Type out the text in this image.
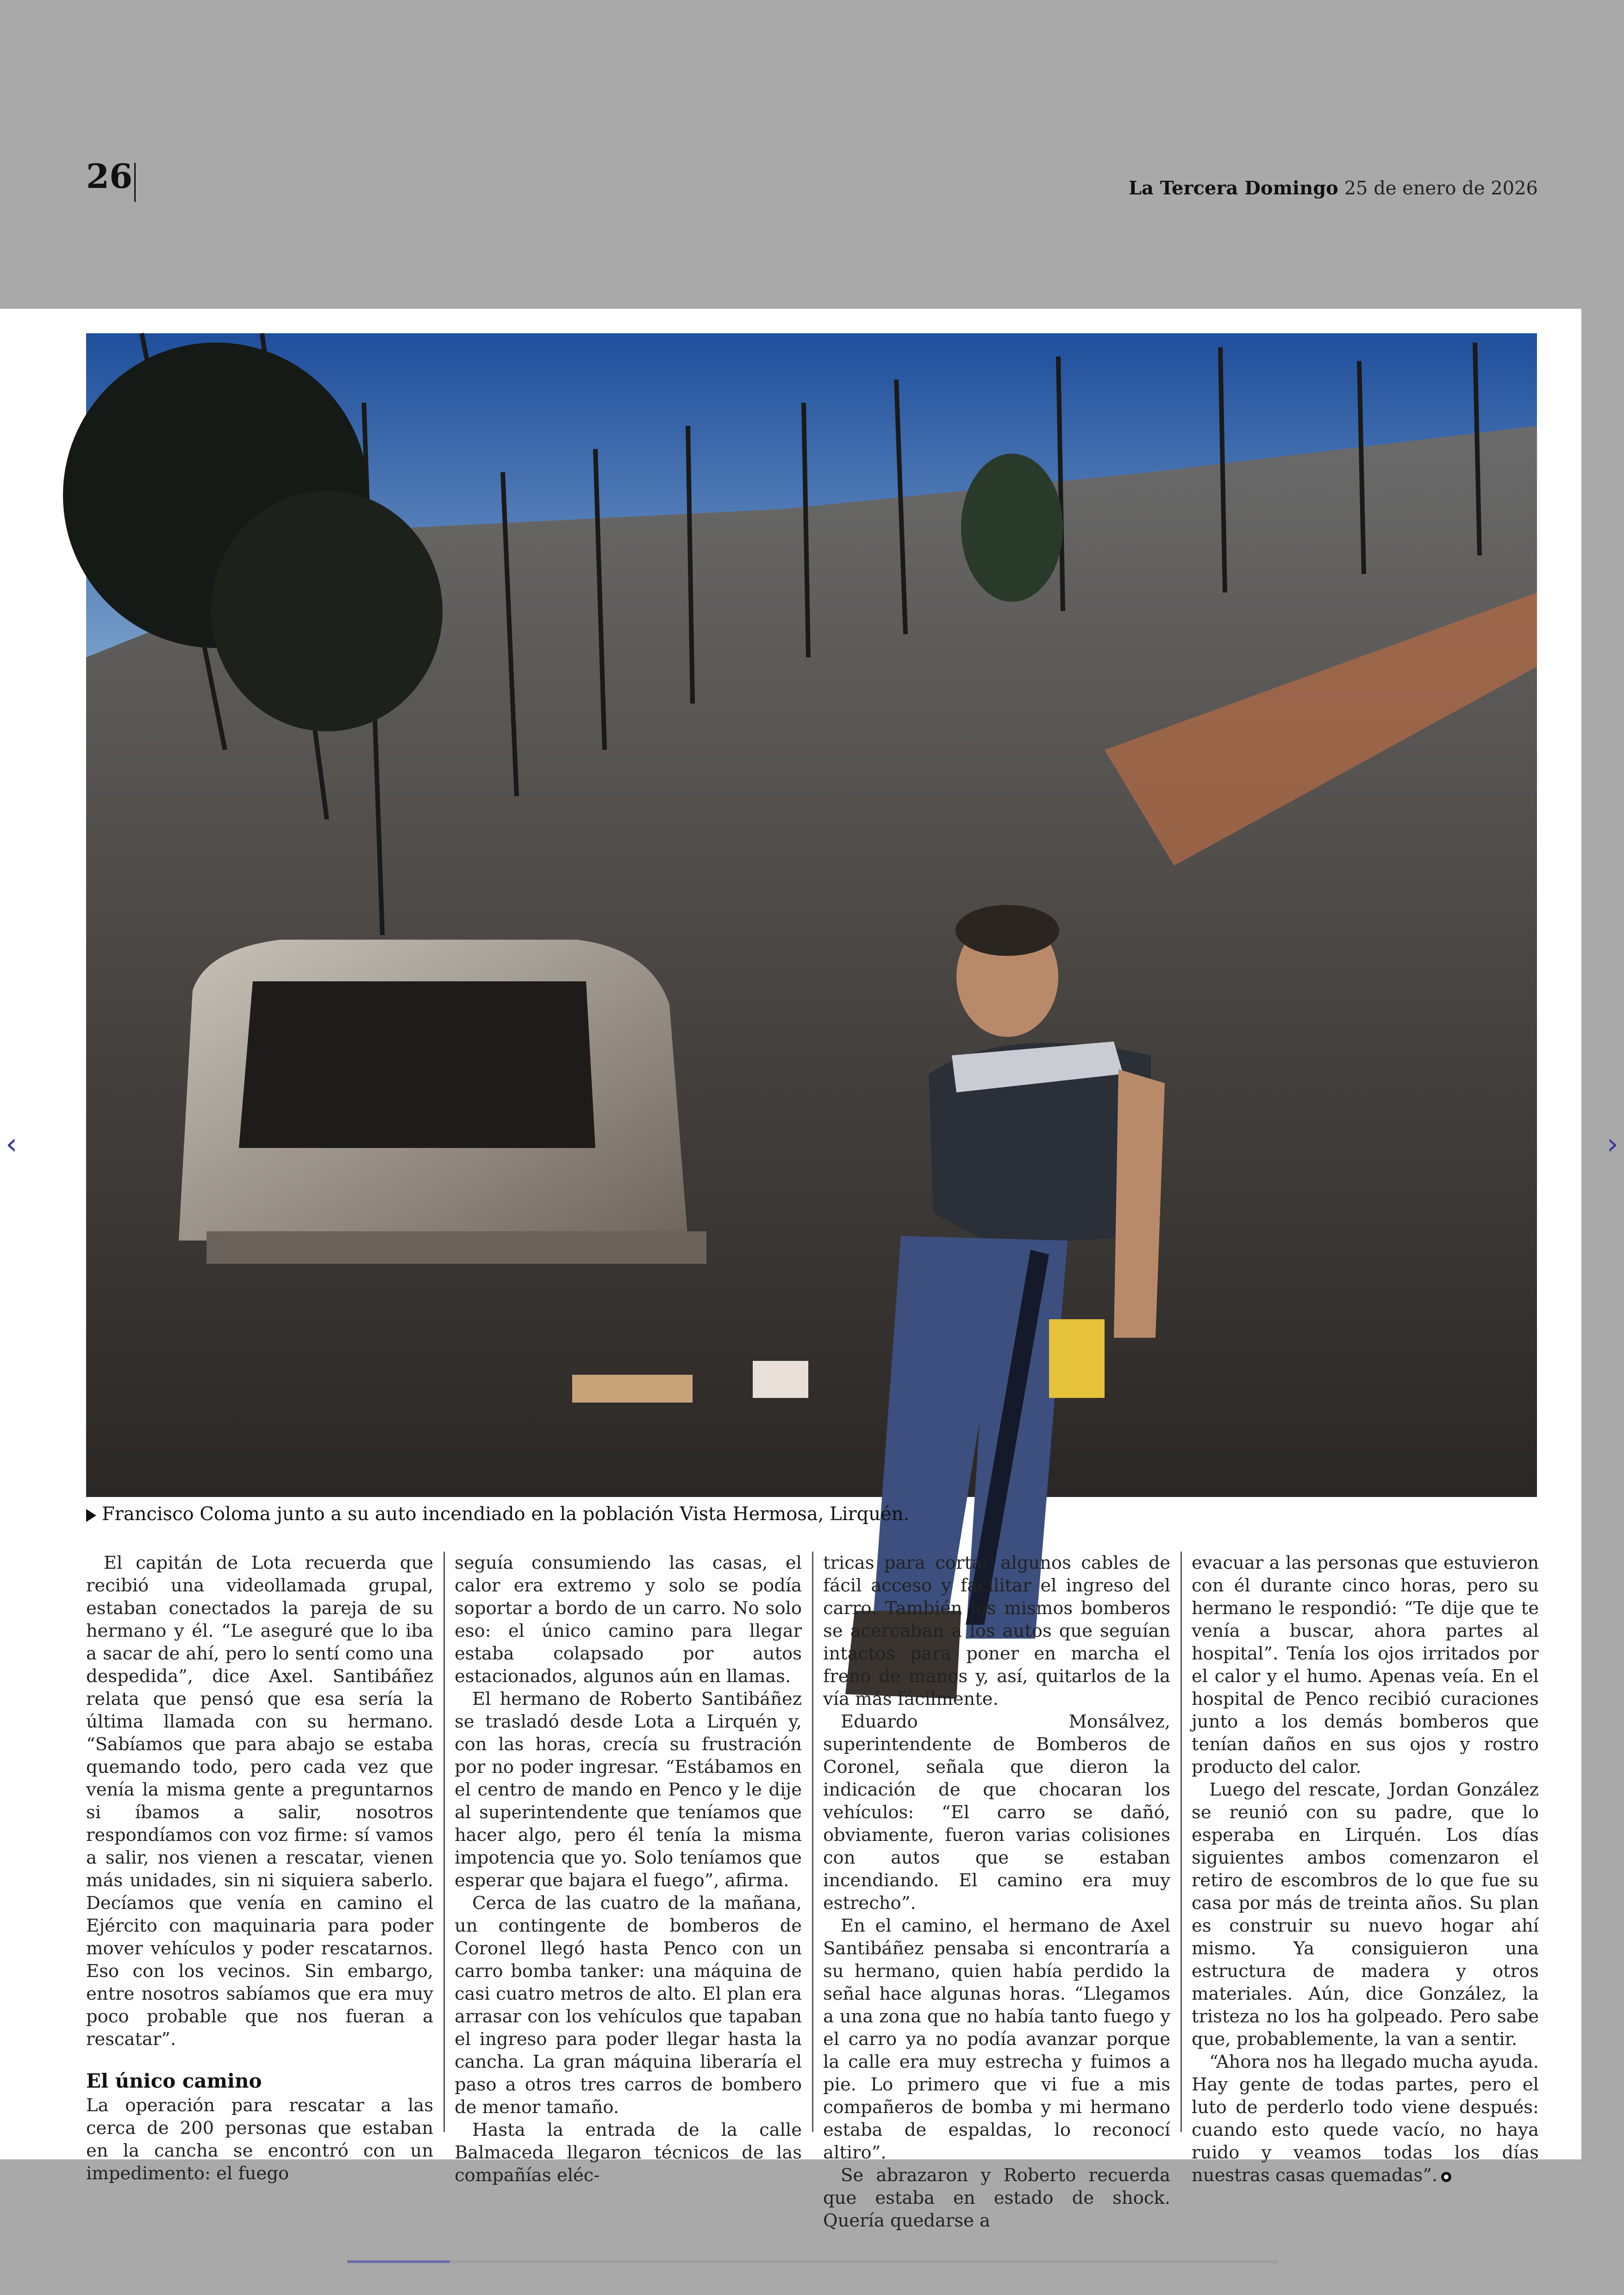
26	La Tercera Domingo 25 de enero de 2026
Francisco Coloma junto a su auto incendiado en la población Vista Hermosa, Lirquén.

El capitán de Lota recuerda que recibió una videollamada grupal, estaban conectados la pareja de su hermano y él. “Le aseguré que lo iba a sacar de ahí, pero lo sentí como una despedida”, dice Axel. Santibáñez relata que pensó que esa sería la última llamada con su hermano. “Sabíamos que para abajo se estaba quemando todo, pero cada vez que venía la misma gente a preguntarnos si íbamos a salir, nosotros respondíamos con voz firme: sí vamos a salir, nos vienen a rescatar, vienen más unidades, sin ni siquiera saberlo. Decíamos que venía en camino el Ejército con maquinaria para poder mover vehículos y poder rescatarnos. Eso con los vecinos. Sin embargo, entre nosotros sabíamos que era muy poco probable que nos fueran a rescatar”.

El único camino

La operación para rescatar a las cerca de 200 personas que estaban en la cancha se encontró con un impedimento: el fuego

seguía consumiendo las casas, el calor era extremo y solo se podía soportar a bordo de un carro. No solo eso: el único camino para llegar estaba colapsado por autos estacionados, algunos aún en llamas.

El hermano de Roberto Santibáñez se trasladó desde Lota a Lirquén y, con las horas, crecía su frustración por no poder ingresar. “Estábamos en el centro de mando en Penco y le dije al superintendente que teníamos que hacer algo, pero él tenía la misma impotencia que yo. Solo teníamos que esperar que bajara el fuego”, afirma.

Cerca de las cuatro de la mañana, un contingente de bomberos de Coronel llegó hasta Penco con un carro bomba tanker: una máquina de casi cuatro metros de alto. El plan era arrasar con los vehículos que tapaban el ingreso para poder llegar hasta la cancha. La gran máquina liberaría el paso a otros tres carros de bombero de menor tamaño.

Hasta la entrada de la calle Balmaceda llegaron técnicos de las compañías eléc-

tricas para cortar algunos cables de fácil acceso y facilitar el ingreso del carro. También los mismos bomberos se acercaban a los autos que seguían intactos para poner en marcha el freno de manos y, así, quitarlos de la vía más fácilmente.

Eduardo Monsálvez, superintendente de Bomberos de Coronel, señala que dieron la indicación de que chocaran los vehículos: “El carro se dañó, obviamente, fueron varias colisiones con autos que se estaban incendiando. El camino era muy estrecho”.

En el camino, el hermano de Axel Santibáñez pensaba si encontraría a su hermano, quien había perdido la señal hace algunas horas. “Llegamos a una zona que no había tanto fuego y el carro ya no podía avanzar porque la calle era muy estrecha y fuimos a pie. Lo primero que vi fue a mis compañeros de bomba y mi hermano estaba de espaldas, lo reconocí altiro”.

Se abrazaron y Roberto recuerda que estaba en estado de shock. Quería quedarse a

evacuar a las personas que estuvieron con él durante cinco horas, pero su hermano le respondió: “Te dije que te venía a buscar, ahora partes al hospital”. Tenía los ojos irritados por el calor y el humo. Apenas veía. En el hospital de Penco recibió curaciones junto a los demás bomberos que tenían daños en sus ojos y rostro producto del calor.

Luego del rescate, Jordan González se reunió con su padre, que lo esperaba en Lirquén. Los días siguientes ambos comenzaron el retiro de escombros de lo que fue su casa por más de treinta años. Su plan es construir su nuevo hogar ahí mismo. Ya consiguieron una estructura de madera y otros materiales. Aún, dice González, la tristeza no los ha golpeado. Pero sabe que, probablemente, la van a sentir.

“Ahora nos ha llegado mucha ayuda. Hay gente de todas partes, pero el luto de perderlo todo viene después: cuando esto quede vacío, no haya ruido y veamos todas los días nuestras casas quemadas”.

‹	›
